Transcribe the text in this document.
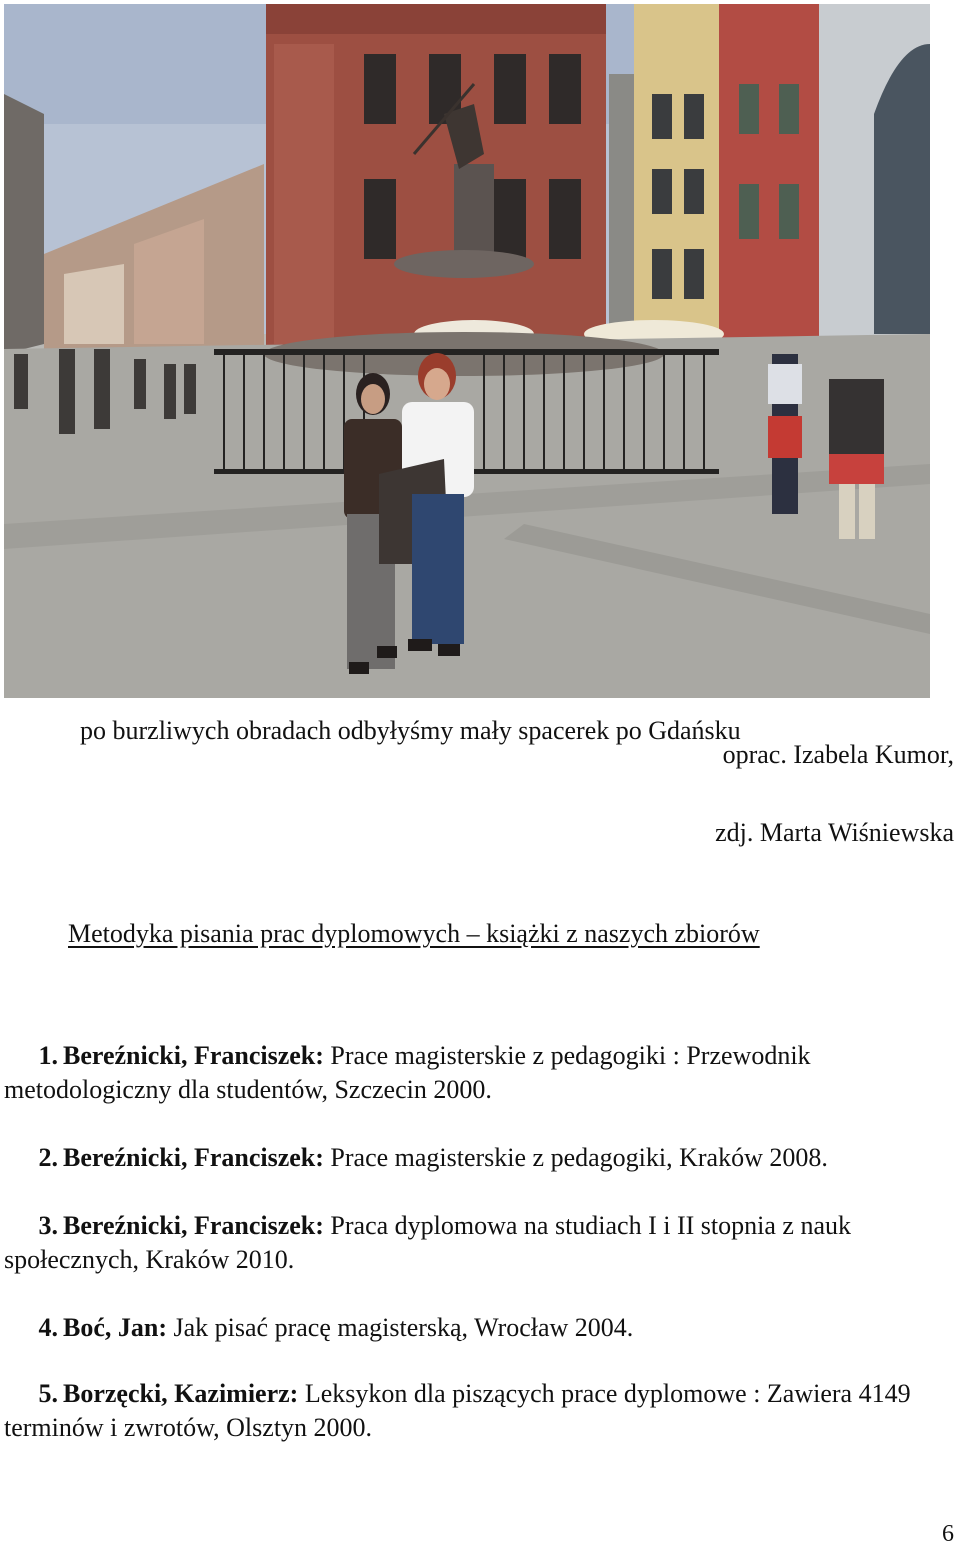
po burzliwych obradach odbyłyśmy mały spacerek po Gdańsku
oprac. Izabela Kumor,
zdj. Marta Wiśniewska
Metodyka pisania prac dyplomowych – książki z naszych zbiorów
1. Bereźnicki, Franciszek: Prace magisterskie z pedagogiki : Przewodnik metodologiczny dla studentów, Szczecin 2000.
2. Bereźnicki, Franciszek: Prace magisterskie z pedagogiki, Kraków 2008.
3. Bereźnicki, Franciszek: Praca dyplomowa na studiach I i II stopnia z nauk społecznych, Kraków 2010.
4. Boć, Jan: Jak pisać pracę magisterską, Wrocław 2004.
5. Borzęcki, Kazimierz: Leksykon dla piszących prace dyplomowe : Zawiera 4149 terminów i zwrotów, Olsztyn 2000.
6
